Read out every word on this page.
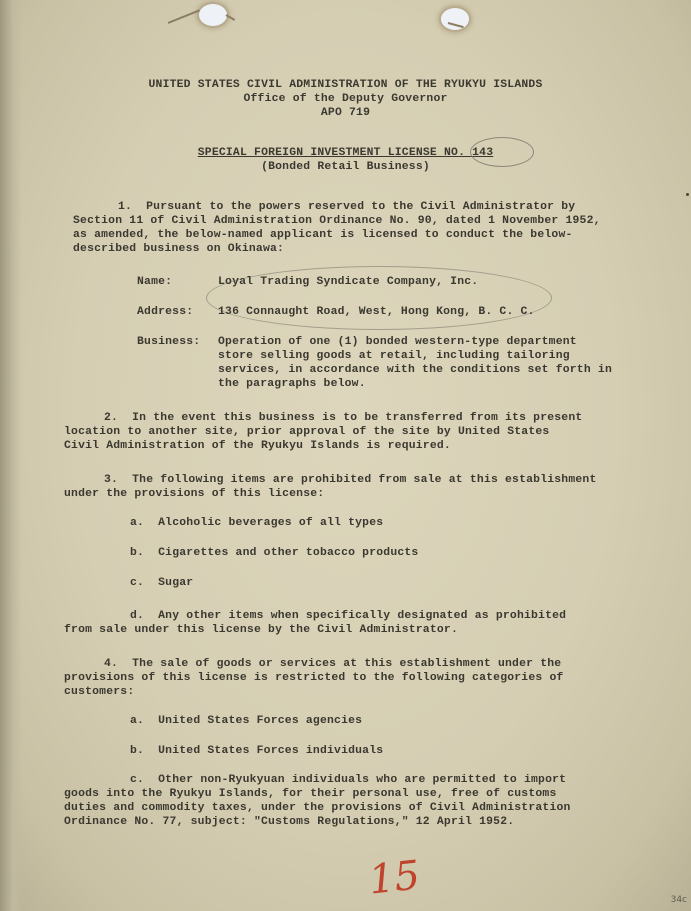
UNITED STATES CIVIL ADMINISTRATION OF THE RYUKYU ISLANDS
Office of the Deputy Governor
APO 719
SPECIAL FOREIGN INVESTMENT LICENSE NO. 143
(Bonded Retail Business)
1.  Pursuant to the powers reserved to the Civil Administrator by
Section 11 of Civil Administration Ordinance No. 90, dated 1 November 1952,
as amended, the below-named applicant is licensed to conduct the below-
described business on Okinawa:
Name:	Loyal Trading Syndicate Company, Inc.
Address: 136 Connaught Road, West, Hong Kong, B. C. C.
Business: Operation of one (1) bonded western-type department
store selling goods at retail, including tailoring
services, in accordance with the conditions set forth in
the paragraphs below.
2.  In the event this business is to be transferred from its present
location to another site, prior approval of the site by United States
Civil Administration of the Ryukyu Islands is required.
3.  The following items are prohibited from sale at this establishment
under the provisions of this license:
a.  Alcoholic beverages of all types
b.  Cigarettes and other tobacco products
c.  Sugar
d.  Any other items when specifically designated as prohibited
from sale under this license by the Civil Administrator.
4.  The sale of goods or services at this establishment under the
provisions of this license is restricted to the following categories of
customers:
a.  United States Forces agencies
b.  United States Forces individuals
c.  Other non-Ryukyuan individuals who are permitted to import
goods into the Ryukyu Islands, for their personal use, free of customs
duties and commodity taxes, under the provisions of Civil Administration
Ordinance No. 77, subject: "Customs Regulations," 12 April 1952.
15	34c
